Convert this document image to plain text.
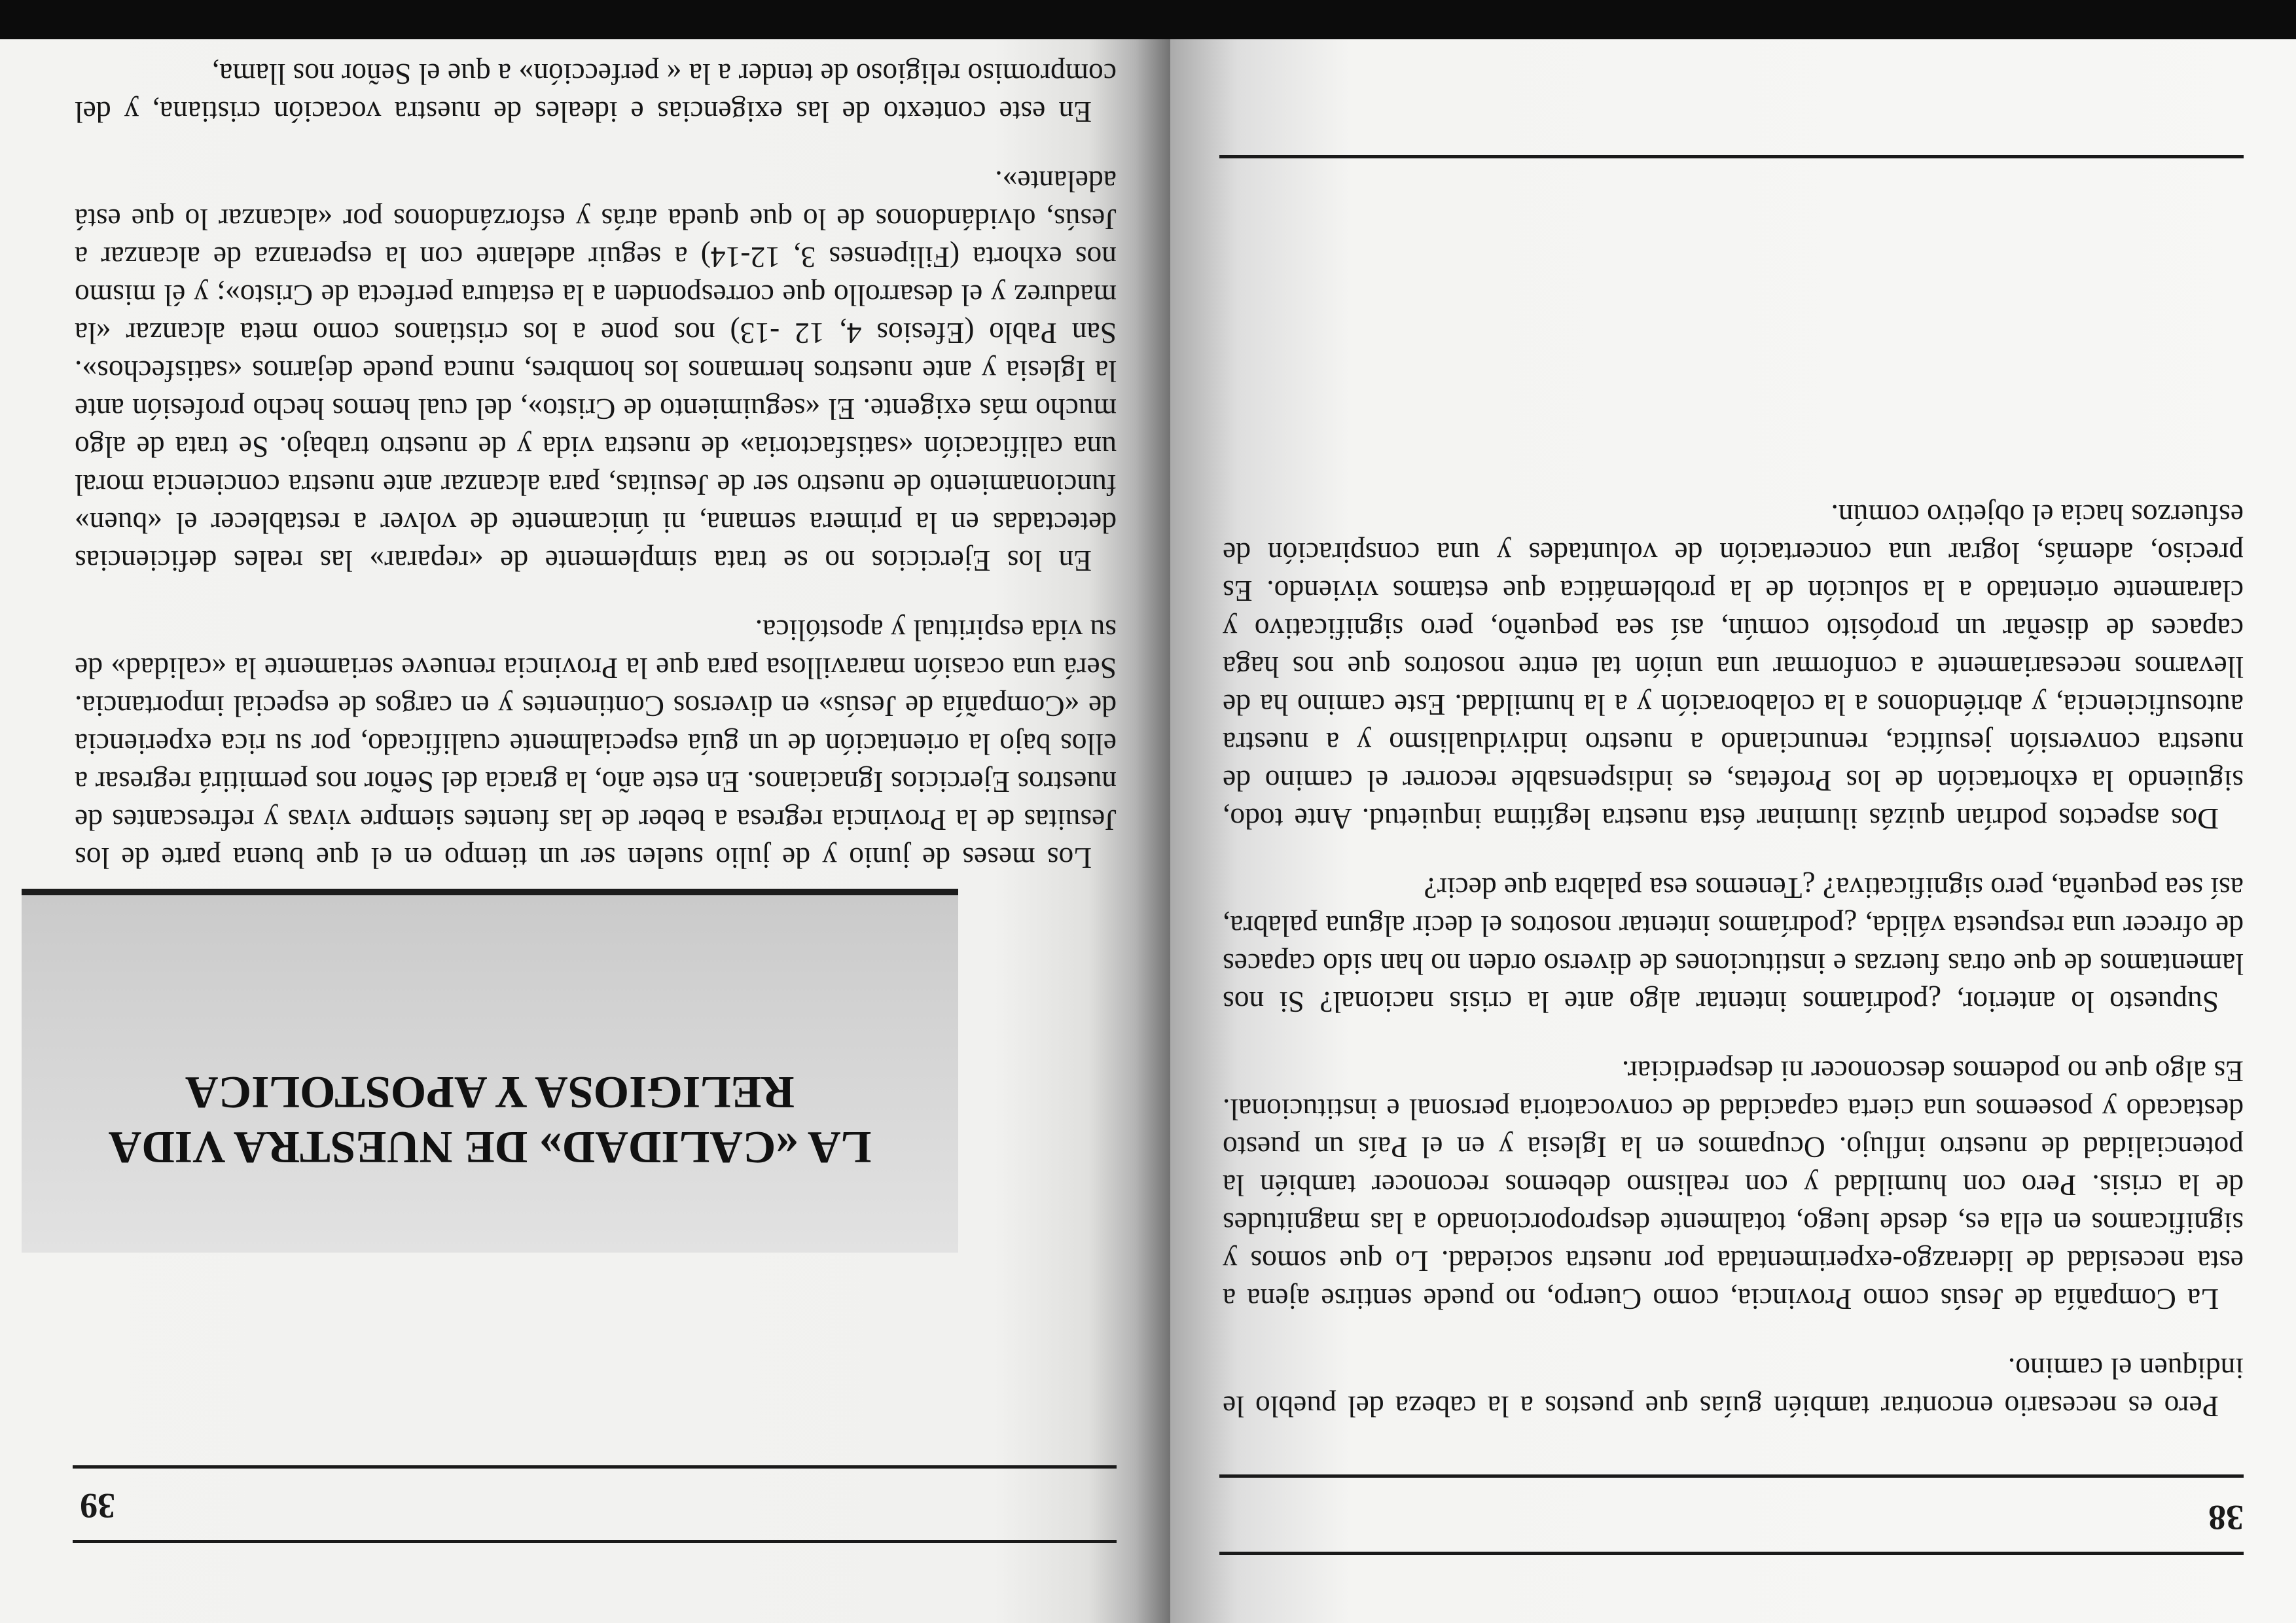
38

Pero es necesario encontrar también guías que puestos a la cabeza del pueblo le indiquen el camino.

La Compañía de Jesús como Provincia, como Cuerpo, no puede sentirse ajena a esta necesidad de liderazgo-experimentada por nuestra sociedad. Lo que somos y significamos en ella es, desde luego, totalmente desproporcionado a las magnitudes de la crisis. Pero con humildad y con realismo debemos reconocer también la potencialidad de nuestro influjo. Ocupamos en la Iglesia y en el País un puesto destacado y poseemos una cierta capacidad de convocatoria personal e institucional. Es algo que no podemos desconocer ni desperdiciar.

Supuesto lo anterior, ¿podríamos intentar algo ante la crisis nacional? Si nos lamentamos de que otras fuerzas e instituciones de diverso orden no han sido capaces de ofrecer una respuesta válida, ¿podríamos intentar nosotros el decir alguna palabra, así sea pequeña, pero significativa? ¿Tenemos esa palabra que decir?

Dos aspectos podrían quizás iluminar ésta nuestra legítima inquietud. Ante todo, siguiendo la exhortación de los Profetas, es indispensable recorrer el camino de nuestra conversión jesuítica, renunciando a nuestro individualismo y a nuestra autosuficiencia, y abriéndonos a la colaboración y a la humildad. Este camino ha de llevarnos necesariamente a conformar una unión tal entre nosotros que nos haga capaces de diseñar un propósito común, así sea pequeño, pero significativo y claramente orientado a la solución de la problemática que estamos viviendo. Es preciso, además, lograr una concertación de voluntades y una conspiración de esfuerzos hacia el objetivo común.

39

Los meses de junio y de julio suelen ser un tiempo en el que buena parte de los Jesuitas de la Provincia regresa a beber de las fuentes siempre vivas y refrescantes de nuestros Ejercicios Ignacianos. En este año, la gracia del Señor nos permitirá regresar a ellos bajo la orientación de un guía especialmente cualificado, por su rica experiencia de «Compañía de Jesús» en diversos Continentes y en cargos de especial importancia. Será una ocasión maravillosa para que la Provincia renueve seriamente la «calidad» de su vida espiritual y apostólica.

En los Ejercicios no se trata simplemente de «reparar» las reales deficiencias detectadas en la primera semana, ni únicamente de volver a restablecer el «buen» funcionamiento de nuestro ser de Jesuitas, para alcanzar ante nuestra conciencia moral una calificación «satisfactoria» de nuestra vida y de nuestro trabajo. Se trata de algo mucho más exigente. El «seguimiento de Cristo», del cual hemos hecho profesión ante la Iglesia y ante nuestros hermanos los hombres, nunca puede dejarnos «satisfechos». San Pablo (Efesios 4, 12 -13) nos pone a los cristianos como meta alcanzar «la madurez y el desarrollo que corresponden a la estatura perfecta de Cristo»; y él mismo nos exhorta (Filipenses 3, 12-14) a seguir adelante con la esperanza de alcanzar a Jesús, olvidándonos de lo que queda atrás y esforzándonos por «alcanzar lo que está adelante».

En este contexto de las exigencias e ideales de nuestra vocación cristiana, y del compromiso religioso de tender a la « perfección» a que el Señor nos llama,

LA «CALIDAD» DE NUESTRA VIDA
RELIGIOSA Y APOSTOLICA
